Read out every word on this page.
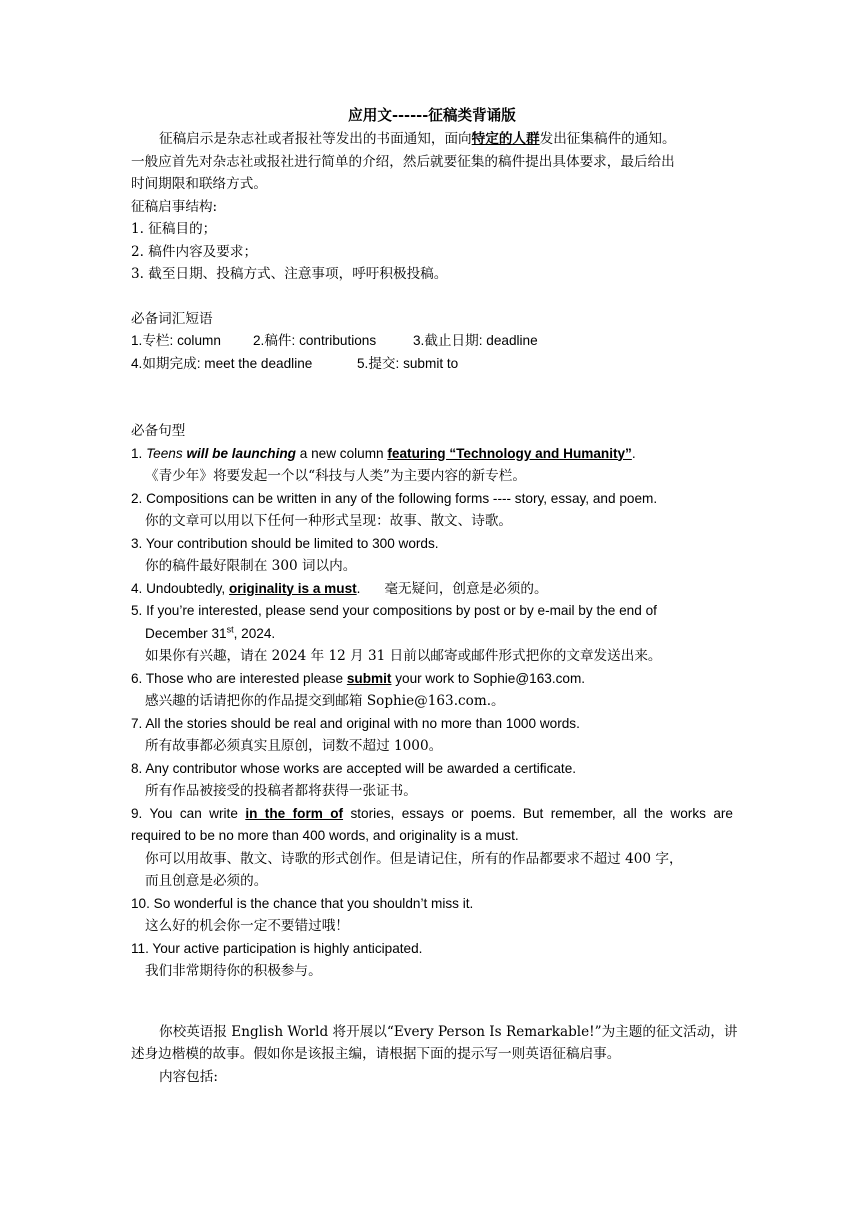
应用文------征稿类背诵版
征稿启示是杂志社或者报社等发出的书面通知，面向特定的人群发出征集稿件的通知。
一般应首先对杂志社或报社进行简单的介绍，然后就要征集的稿件提出具体要求，最后给出
时间期限和联络方式。
征稿启事结构:
1. 征稿目的；
2. 稿件内容及要求；
3. 截至日期、投稿方式、注意事项，呼吁积极投稿。
必备词汇短语
1.专栏: column 2.稿件: contributions	3.截止日期: deadline
4.如期完成: meet the deadline	5.提交: submit to
必备句型
1. Teens will be launching a new column featuring “Technology and Humanity”.
《青少年》将要发起一个以“科技与人类”为主要内容的新专栏。
2. Compositions can be written in any of the following forms ---- story, essay, and poem.
你的文章可以用以下任何一种形式呈现：故事、散文、诗歌。
3. Your contribution should be limited to 300 words.
你的稿件最好限制在 300 词以内。
4. Undoubtedly, originality is a must. 毫无疑问，创意是必须的。
5. If you’re interested, please send your compositions by post or by e-mail by the end of
December 31st, 2024.
如果你有兴趣，请在 2024 年 12 月 31 日前以邮寄或邮件形式把你的文章发送出来。
6. Those who are interested please submit your work to Sophie@163.com.
感兴趣的话请把你的作品提交到邮箱 Sophie@163.com.。
7. All the stories should be real and original with no more than 1000 words.
所有故事都必须真实且原创，词数不超过 1000。
8. Any contributor whose works are accepted will be awarded a certificate.
所有作品被接受的投稿者都将获得一张证书。
9. You can write in the form of stories, essays or poems. But remember, all the works are
required to be no more than 400 words, and originality is a must.
你可以用故事、散文、诗歌的形式创作。但是请记住，所有的作品都要求不超过 400 字，
而且创意是必须的。
10. So wonderful is the chance that you shouldn’t miss it.
这么好的机会你一定不要错过哦！
11. Your active participation is highly anticipated.
我们非常期待你的积极参与。
你校英语报 English World 将开展以“Every Person Is Remarkable!”为主题的征文活动，讲
述身边楷模的故事。假如你是该报主编，请根据下面的提示写一则英语征稿启事。
内容包括:
